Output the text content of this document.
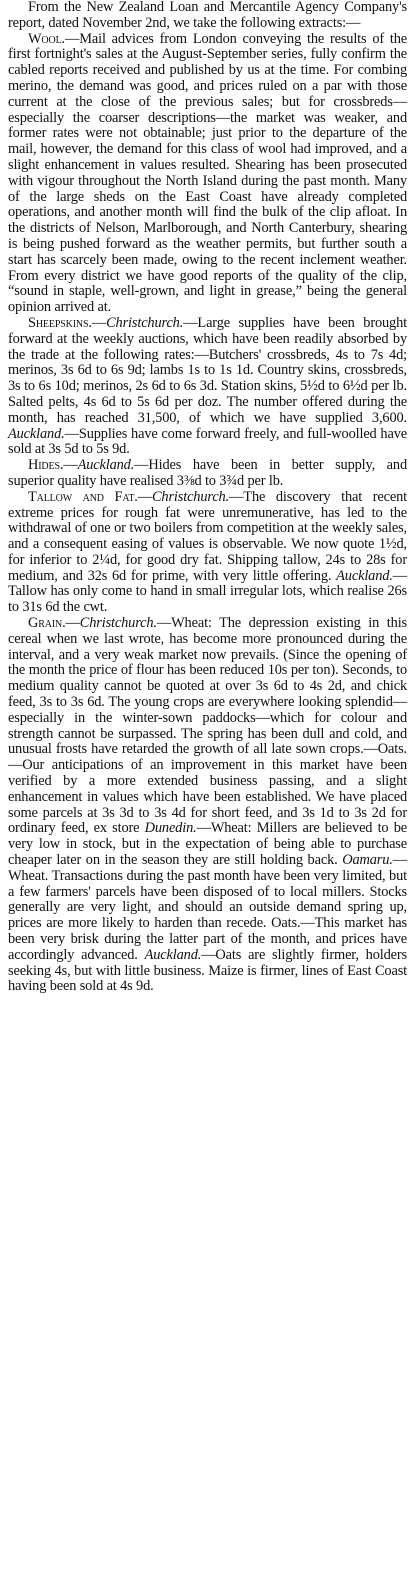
From the New Zealand Loan and Mercantile Agency Company's report, dated November 2nd, we take the following extracts:—

Wool.—Mail advices from London conveying the results of the first fortnight's sales at the August-September series, fully confirm the cabled reports received and published by us at the time. For combing merino, the demand was good, and prices ruled on a par with those current at the close of the previous sales; but for crossbreds—especially the coarser descriptions—the market was weaker, and former rates were not obtainable; just prior to the departure of the mail, however, the demand for this class of wool had improved, and a slight enhancement in values resulted. Shearing has been prosecuted with vigour throughout the North Island during the past month. Many of the large sheds on the East Coast have already completed operations, and another month will find the bulk of the clip afloat. In the districts of Nelson, Marlborough, and North Canterbury, shearing is being pushed forward as the weather permits, but further south a start has scarcely been made, owing to the recent inclement weather. From every district we have good reports of the quality of the clip, “sound in staple, well-grown, and light in grease,” being the general opinion arrived at.

Sheepskins.—Christchurch.—Large supplies have been brought forward at the weekly auctions, which have been readily absorbed by the trade at the following rates:—Butchers' crossbreds, 4s to 7s 4d; merinos, 3s 6d to 6s 9d; lambs 1s to 1s 1d. Country skins, crossbreds, 3s to 6s 10d; merinos, 2s 6d to 6s 3d. Station skins, 5½d to 6½d per lb. Salted pelts, 4s 6d to 5s 6d per doz. The number offered during the month, has reached 31,500, of which we have supplied 3,600. Auckland.—Supplies have come forward freely, and full-woolled have sold at 3s 5d to 5s 9d.

Hides.—Auckland.—Hides have been in better supply, and superior quality have realised 3⅜d to 3¾d per lb.

Tallow and Fat.—Christchurch.—The discovery that recent extreme prices for rough fat were unremunerative, has led to the withdrawal of one or two boilers from competition at the weekly sales, and a consequent easing of values is observable. We now quote 1½d, for inferior to 2¼d, for good dry fat. Shipping tallow, 24s to 28s for medium, and 32s 6d for prime, with very little offering. Auckland.—Tallow has only come to hand in small irregular lots, which realise 26s to 31s 6d the cwt.

Grain.—Christchurch.—Wheat: The depression existing in this cereal when we last wrote, has become more pronounced during the interval, and a very weak market now prevails. (Since the opening of the month the price of flour has been reduced 10s per ton). Seconds, to medium quality cannot be quoted at over 3s 6d to 4s 2d, and chick feed, 3s to 3s 6d. The young crops are everywhere looking splendid—especially in the winter-sown paddocks—which for colour and strength cannot be surpassed. The spring has been dull and cold, and unusual frosts have retarded the growth of all late sown crops.—Oats.—Our anticipations of an improvement in this market have been verified by a more extended business passing, and a slight enhancement in values which have been established. We have placed some parcels at 3s 3d to 3s 4d for short feed, and 3s 1d to 3s 2d for ordinary feed, ex store Dunedin.—Wheat: Millers are believed to be very low in stock, but in the expectation of being able to purchase cheaper later on in the season they are still holding back. Oamaru.—Wheat. Transactions during the past month have been very limited, but a few farmers' parcels have been disposed of to local millers. Stocks generally are very light, and should an outside demand spring up, prices are more likely to harden than recede. Oats.—This market has been very brisk during the latter part of the month, and prices have accordingly advanced. Auckland.—Oats are slightly firmer, holders seeking 4s, but with little business. Maize is firmer, lines of East Coast having been sold at 4s 9d.
